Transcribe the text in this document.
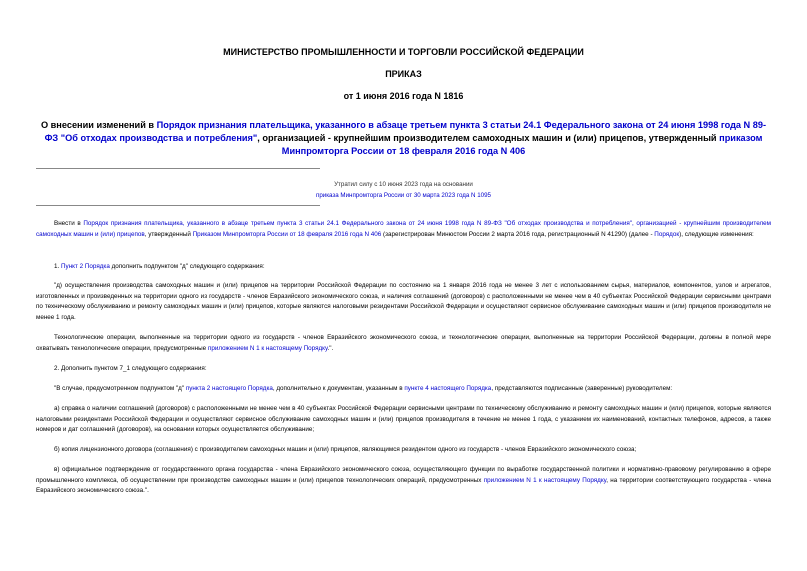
МИНИСТЕРСТВО ПРОМЫШЛЕННОСТИ И ТОРГОВЛИ РОССИЙСКОЙ ФЕДЕРАЦИИ
ПРИКАЗ
от 1 июня 2016 года N 1816
О внесении изменений в Порядок признания плательщика, указанного в абзаце третьем пункта 3 статьи 24.1 Федерального закона от 24 июня 1998 года N 89-ФЗ "Об отходах производства и потребления", организацией - крупнейшим производителем самоходных машин и (или) прицепов, утвержденный приказом Минпромторга России от 18 февраля 2016 года N 406
Утратил силу с 10 июня 2023 года на основании
приказа Минпромторга России от 30 марта 2023 года N 1095
Внести в Порядок признания плательщика, указанного в абзаце третьем пункта 3 статьи 24.1 Федерального закона от 24 июня 1998 года N 89-ФЗ "Об отходах производства и потребления", организацией - крупнейшим производителем самоходных машин и (или) прицепов, утвержденный Приказом Минпромторга России от 18 февраля 2016 года N 406 (зарегистрирован Минюстом России 2 марта 2016 года, регистрационный N 41290) (далее - Порядок), следующие изменения:
1. Пункт 2 Порядка дополнить подпунктом "д" следующего содержания:
"д) осуществления производства самоходных машин и (или) прицепов на территории Российской Федерации по состоянию на 1 января 2016 года не менее 3 лет с использованием сырья, материалов, компонентов, узлов и агрегатов, изготовленных и произведенных на территории одного из государств - членов Евразийского экономического союза, и наличия соглашений (договоров) с расположенными не менее чем в 40 субъектах Российской Федерации сервисными центрами по техническому обслуживанию и ремонту самоходных машин и (или) прицепов, которые являются налоговыми резидентами Российской Федерации и осуществляют сервисное обслуживание самоходных машин и (или) прицепов производителя не менее 1 года.
Технологические операции, выполненные на территории одного из государств - членов Евразийского экономического союза, и технологические операции, выполненные на территории Российской Федерации, должны в полной мере охватывать технологические операции, предусмотренные приложением N 1 к настоящему Порядку.".
2. Дополнить пунктом 7_1 следующего содержания:
"В случае, предусмотренном подпунктом "д" пункта 2 настоящего Порядка, дополнительно к документам, указанным в пункте 4 настоящего Порядка, представляются подписанные (заверенные) руководителем:
а) справка о наличии соглашений (договоров) с расположенными не менее чем в 40 субъектах Российской Федерации сервисными центрами по техническому обслуживанию и ремонту самоходных машин и (или) прицепов, которые являются налоговыми резидентами Российской Федерации и осуществляют сервисное обслуживание самоходных машин и (или) прицепов производителя в течение не менее 1 года, с указанием их наименований, контактных телефонов, адресов, а также номеров и дат соглашений (договоров), на основании которых осуществляется обслуживание;
б) копия лицензионного договора (соглашения) с производителем самоходных машин и (или) прицепов, являющимся резидентом одного из государств - членов Евразийского экономического союза;
в) официальное подтверждение от государственного органа государства - члена Евразийского экономического союза, осуществляющего функции по выработке государственной политики и нормативно-правовому регулированию в сфере промышленного комплекса, об осуществлении при производстве самоходных машин и (или) прицепов технологических операций, предусмотренных приложением N 1 к настоящему Порядку, на территории соответствующего государства - члена Евразийского экономического союза.".
